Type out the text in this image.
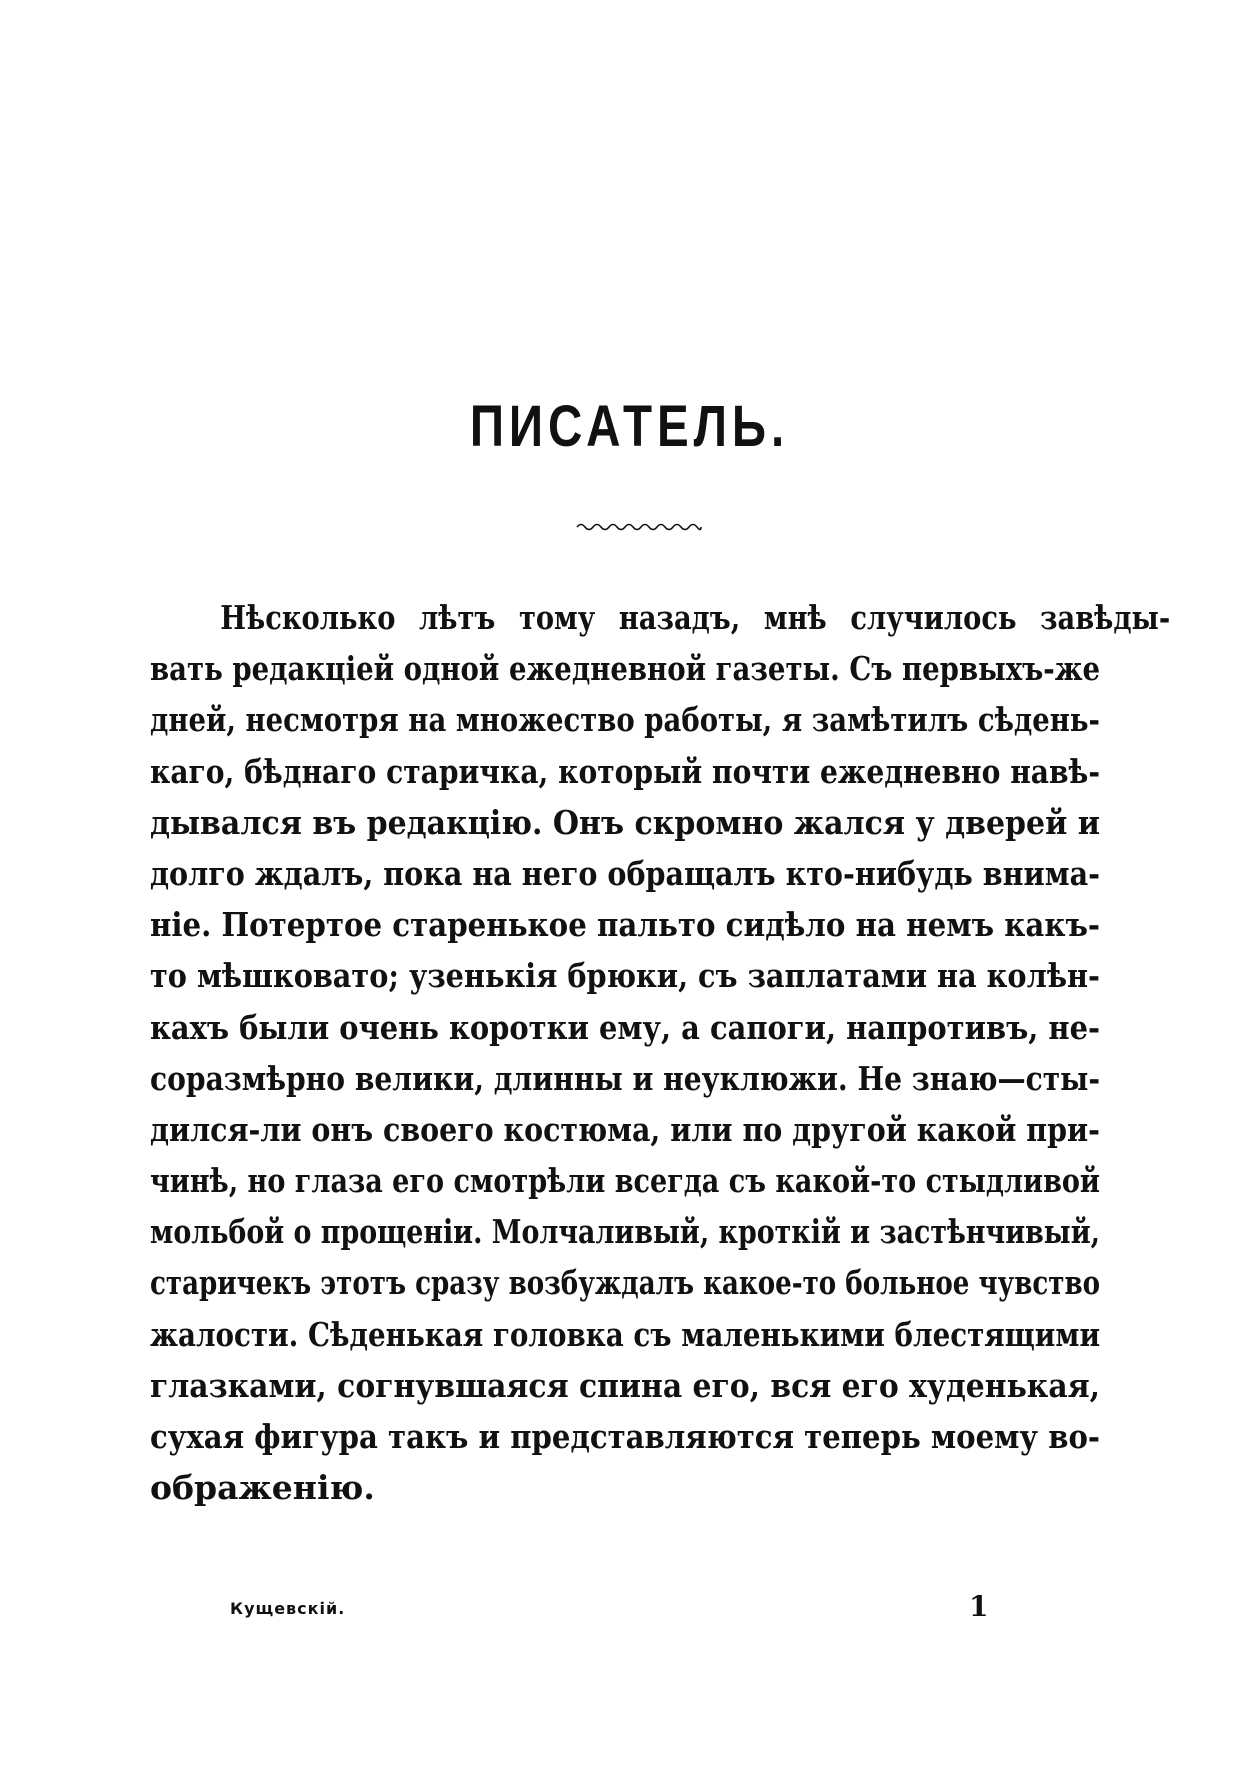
ПИСАТЕЛЬ.
Нѣсколько лѣтъ тому назадъ, мнѣ случилось завѣды-
вать редакціей одной ежедневной газеты. Съ первыхъ-же
дней, несмотря на множество работы, я замѣтилъ сѣдень-
каго, бѣднаго старичка, который почти ежедневно навѣ-
дывался въ редакцію. Онъ скромно жался у дверей и
долго ждалъ, пока на него обращалъ кто-нибудь внима-
ніе. Потертое старенькое пальто сидѣло на немъ какъ-
то мѣшковато; узенькія брюки, съ заплатами на колѣн-
кахъ были очень коротки ему, а сапоги, напротивъ, не-
соразмѣрно велики, длинны и неуклюжи. Не знаю—сты-
дился-ли онъ своего костюма, или по другой какой при-
чинѣ, но глаза его смотрѣли всегда съ какой-то стыдливой
мольбой о прощеніи. Молчаливый, кроткій и застѣнчивый,
старичекъ этотъ сразу возбуждалъ какое-то больное чувство
жалости. Сѣденькая головка съ маленькими блестящими
глазками, согнувшаяся спина его, вся его худенькая,
сухая фигура такъ и представляются теперь моему во-
ображенію.
Кущевскій.	1
